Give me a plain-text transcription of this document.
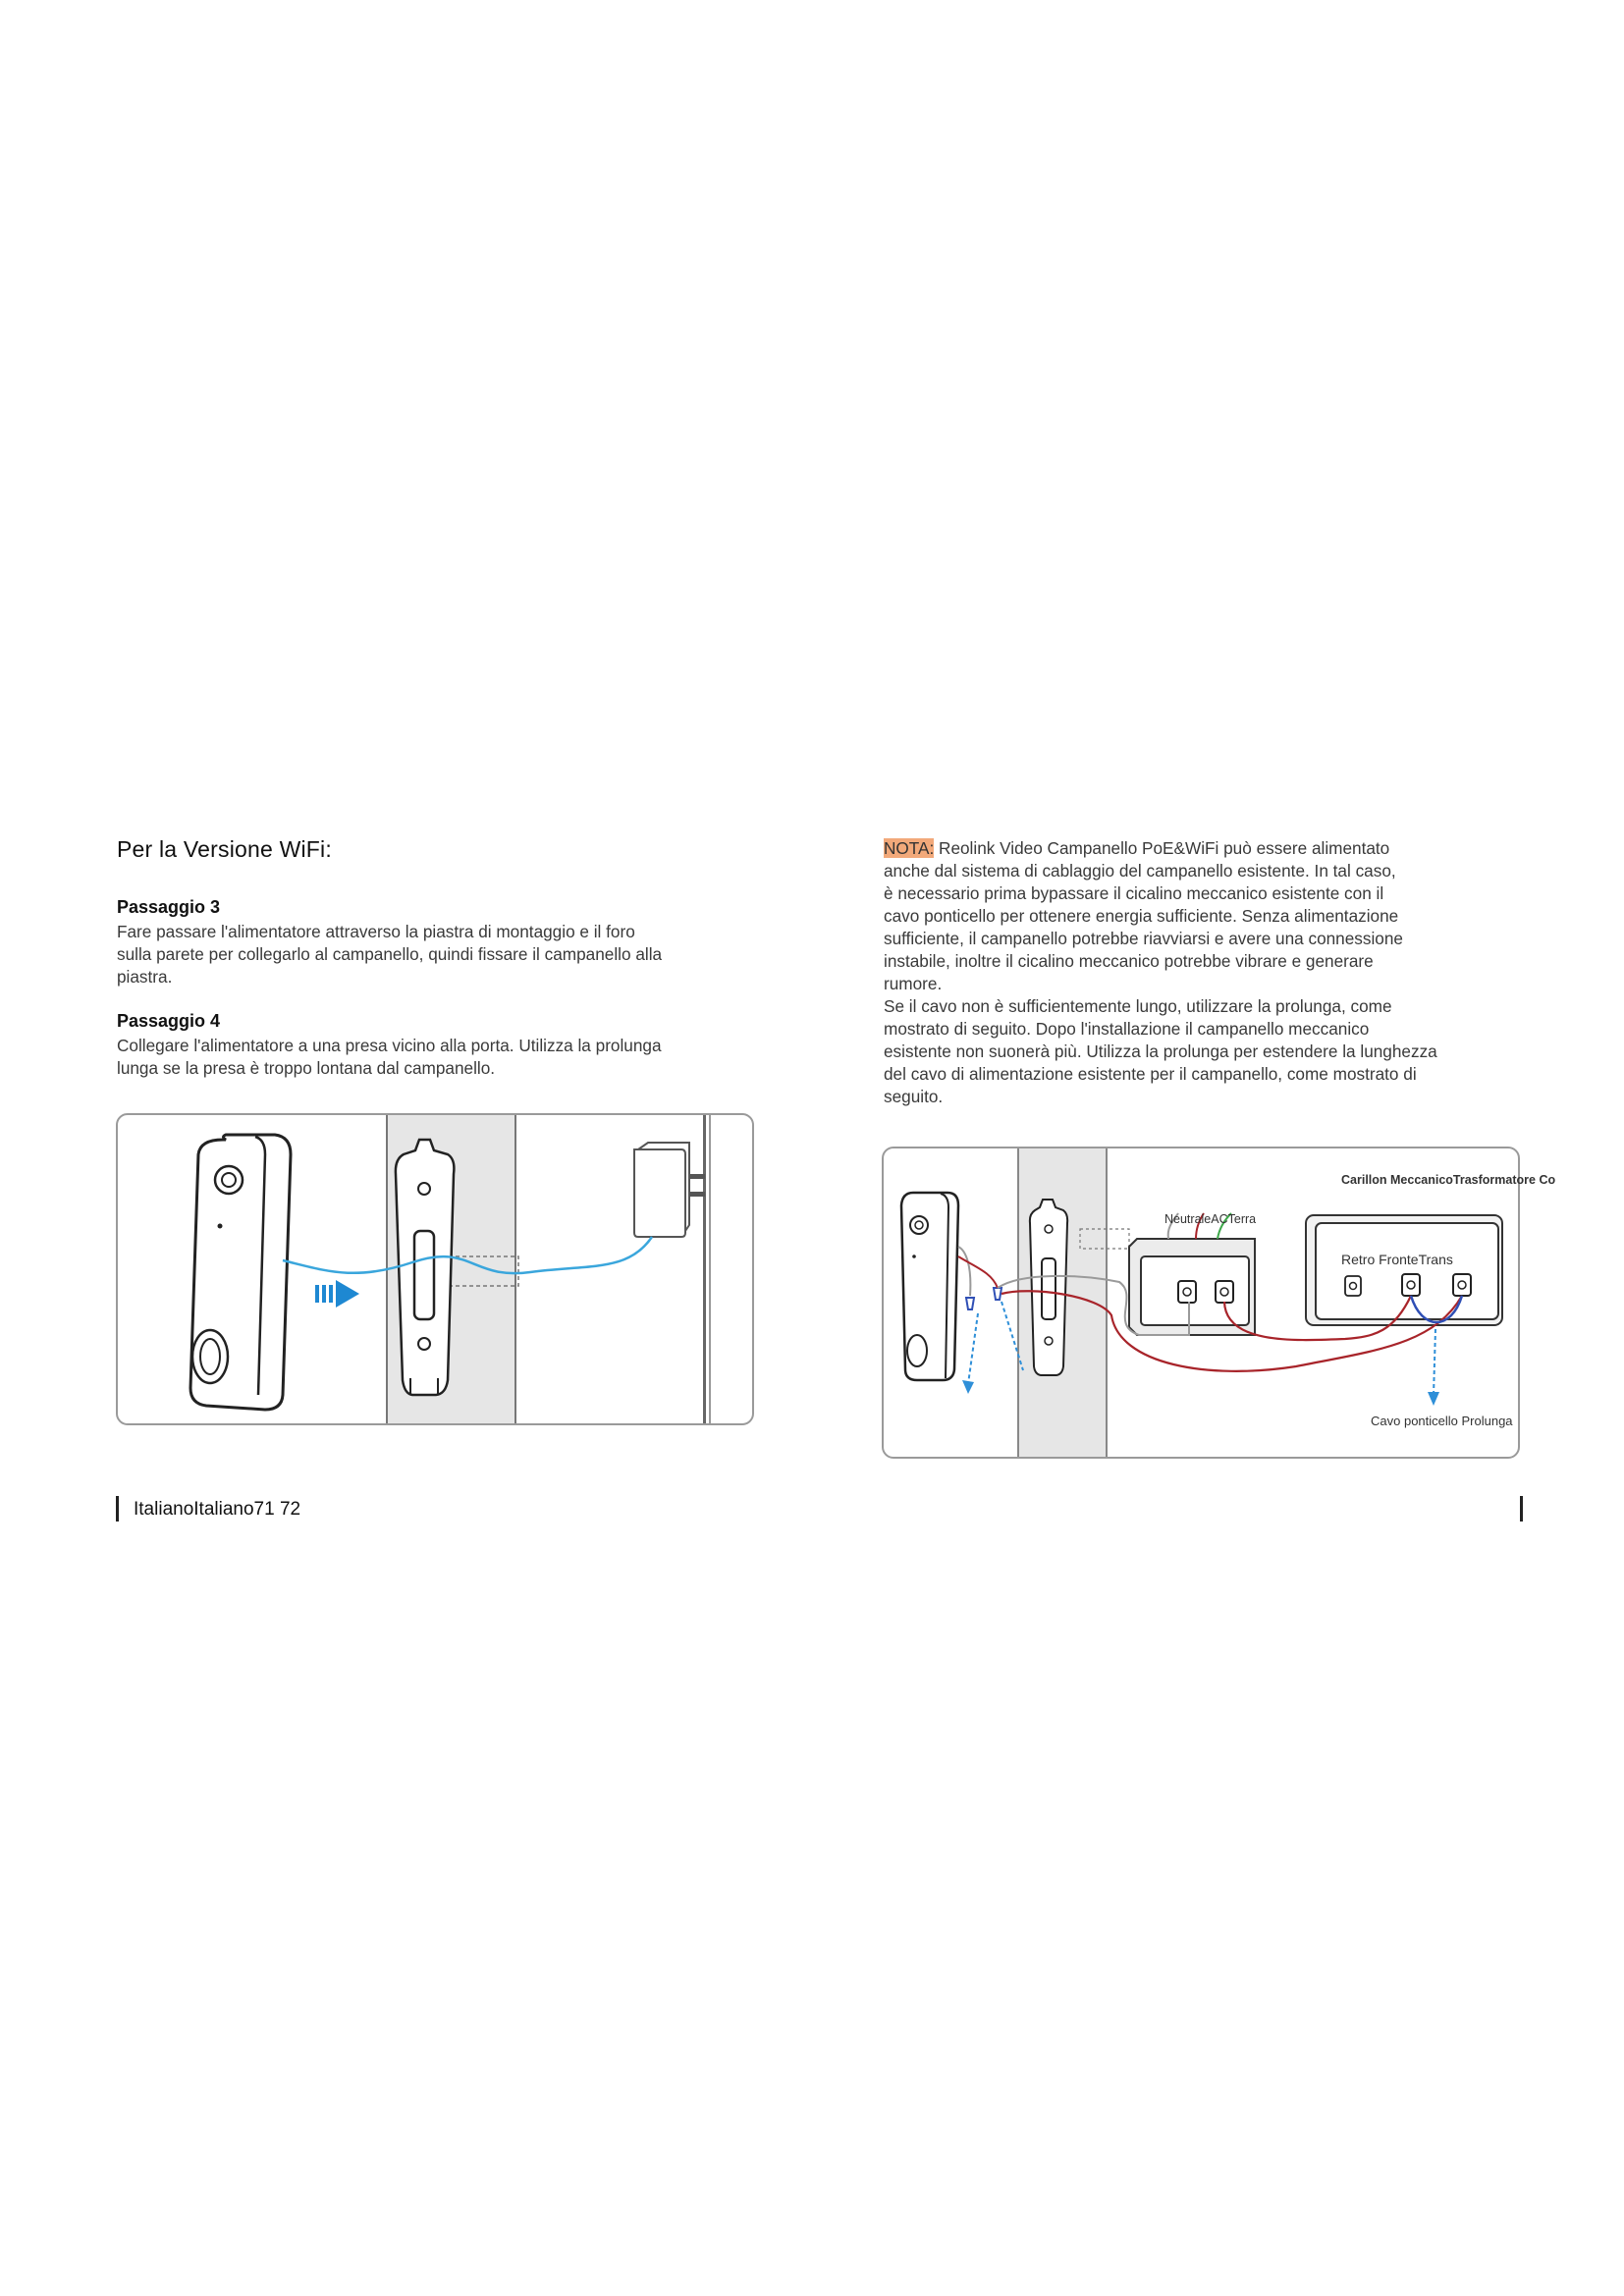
Per la Versione WiFi:
Passaggio 3
Fare passare l'alimentatore attraverso la piastra di montaggio e il foro
sulla parete per collegarlo al campanello, quindi fissare il campanello alla
piastra.
Passaggio 4
Collegare l'alimentatore a una presa vicino alla porta. Utilizza la prolunga
lunga se la presa è troppo lontana dal campanello.
NOTA: Reolink Video Campanello PoE&WiFi può essere alimentato
anche dal sistema di cablaggio del campanello esistente. In tal caso,
è necessario prima bypassare il cicalino meccanico esistente con il
cavo ponticello per ottenere energia sufficiente. Senza alimentazione
sufficiente, il campanello potrebbe riavviarsi e avere una connessione
instabile, inoltre il cicalino meccanico potrebbe vibrare e generare
rumore.
Se il cavo non è sufficientemente lungo, utilizzare la prolunga, come
mostrato di seguito. Dopo l'installazione il campanello meccanico
esistente non suonerà più. Utilizza la prolunga per estendere la lunghezza
del cavo di alimentazione esistente per il campanello, come mostrato di
seguito.
Carillon MeccanicoTrasformatore Co
NeutraleACTerra
Retro FronteTrans
Cavo ponticello Prolunga
ItalianoItaliano71 72
